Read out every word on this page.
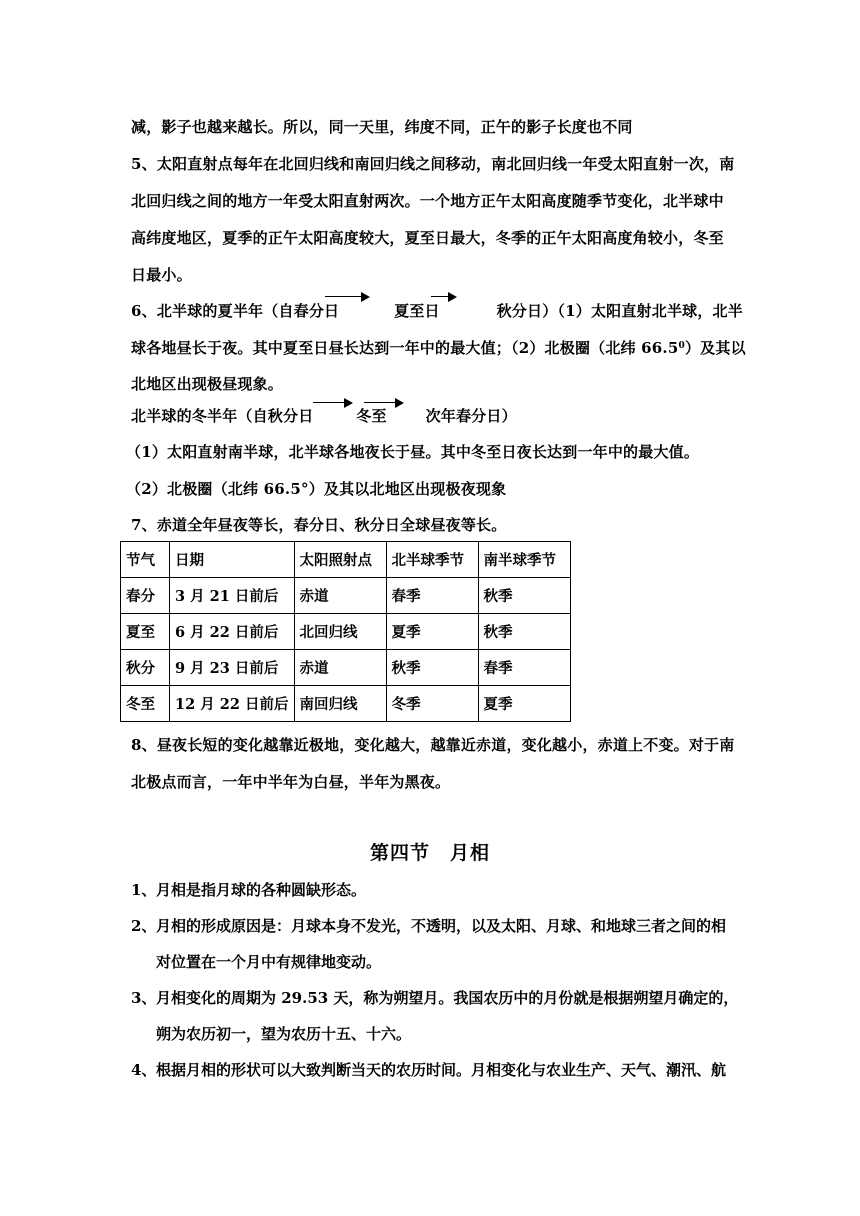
减，影子也越来越长。所以，同一天里，纬度不同，正午的影子长度也不同
5、太阳直射点每年在北回归线和南回归线之间移动，南北回归线一年受太阳直射一次，南
北回归线之间的地方一年受太阳直射两次。一个地方正午太阳高度随季节变化，北半球中
高纬度地区，夏季的正午太阳高度较大，夏至日最大，冬季的正午太阳高度角较小，冬至
日最小。
6、北半球的夏半年（自春分日	夏至日	秋分日）（1）太阳直射北半球，北半
球各地昼长于夜。其中夏至日昼长达到一年中的最大值；（2）北极圈（北纬 66.5$^0$）及其以
北地区出现极昼现象。
北半球的冬半年（自秋分日	冬至	次年春分日）
（1）太阳直射南半球，北半球各地夜长于昼。其中冬至日夜长达到一年中的最大值。
（2）北极圈（北纬 66.5°）及其以北地区出现极夜现象
7、赤道全年昼夜等长，春分日、秋分日全球昼夜等长。
节气	日期	太阳照射点	北半球季节	南半球季节
春分	3 月 21 日前后	赤道	春季	秋季
夏至	6 月 22 日前后	北回归线	夏季	秋季
秋分	9 月 23 日前后	赤道	秋季	春季
冬至	12 月 22 日前后	南回归线	冬季	夏季
8、昼夜长短的变化越靠近极地，变化越大，越靠近赤道，变化越小，赤道上不变。对于南
北极点而言，一年中半年为白昼，半年为黑夜。
第四节　月相
1、月相是指月球的各种圆缺形态。
2、月相的形成原因是：月球本身不发光，不透明，以及太阳、月球、和地球三者之间的相
对位置在一个月中有规律地变动。
3、月相变化的周期为 29.53 天，称为朔望月。我国农历中的月份就是根据朔望月确定的，
朔为农历初一，望为农历十五、十六。
4、根据月相的形状可以大致判断当天的农历时间。月相变化与农业生产、天气、潮汛、航
